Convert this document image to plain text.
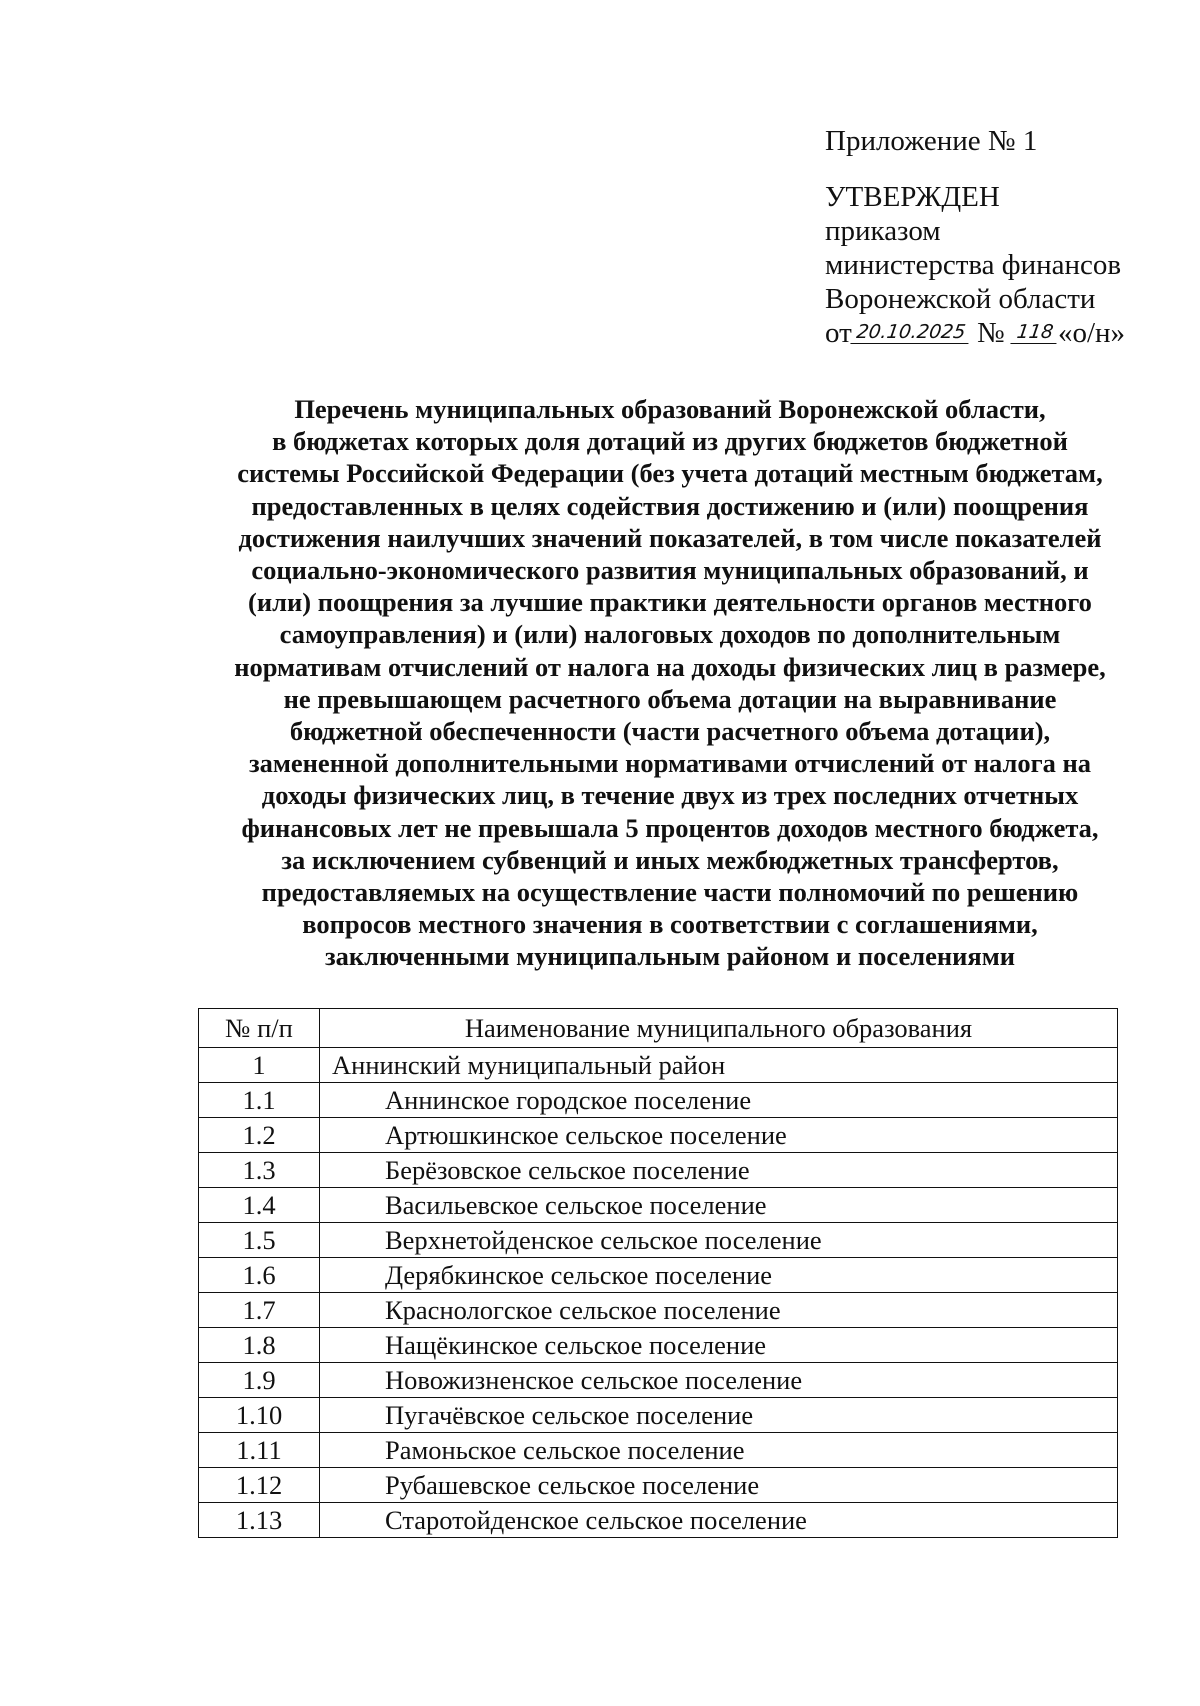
Приложение № 1
УТВЕРЖДЕН
приказом
министерства финансов
Воронежской области
от 20.10.2025 № 118 «о/н»
Перечень муниципальных образований Воронежской области,
в бюджетах которых доля дотаций из других бюджетов бюджетной
системы Российской Федерации (без учета дотаций местным бюджетам,
предоставленных в целях содействия достижению и (или) поощрения
достижения наилучших значений показателей, в том числе показателей
социально-экономического развития муниципальных образований, и
(или) поощрения за лучшие практики деятельности органов местного
самоуправления) и (или) налоговых доходов по дополнительным
нормативам отчислений от налога на доходы физических лиц в размере,
не превышающем расчетного объема дотации на выравнивание
бюджетной обеспеченности (части расчетного объема дотации),
замененной дополнительными нормативами отчислений от налога на
доходы физических лиц, в течение двух из трех последних отчетных
финансовых лет не превышала 5 процентов доходов местного бюджета,
за исключением субвенций и иных межбюджетных трансфертов,
предоставляемых на осуществление части полномочий по решению
вопросов местного значения в соответствии с соглашениями,
заключенными муниципальным районом и поселениями
№ п/п	Наименование муниципального образования
1	Аннинский муниципальный район
1.1	Аннинское городское поселение
1.2	Артюшкинское сельское поселение
1.3	Берёзовское сельское поселение
1.4	Васильевское сельское поселение
1.5	Верхнетойденское сельское поселение
1.6	Дерябкинское сельское поселение
1.7	Краснологское сельское поселение
1.8	Нащёкинское сельское поселение
1.9	Новожизненское сельское поселение
1.10	Пугачёвское сельское поселение
1.11	Рамоньское сельское поселение
1.12	Рубашевское сельское поселение
1.13	Старотойденское сельское поселение
